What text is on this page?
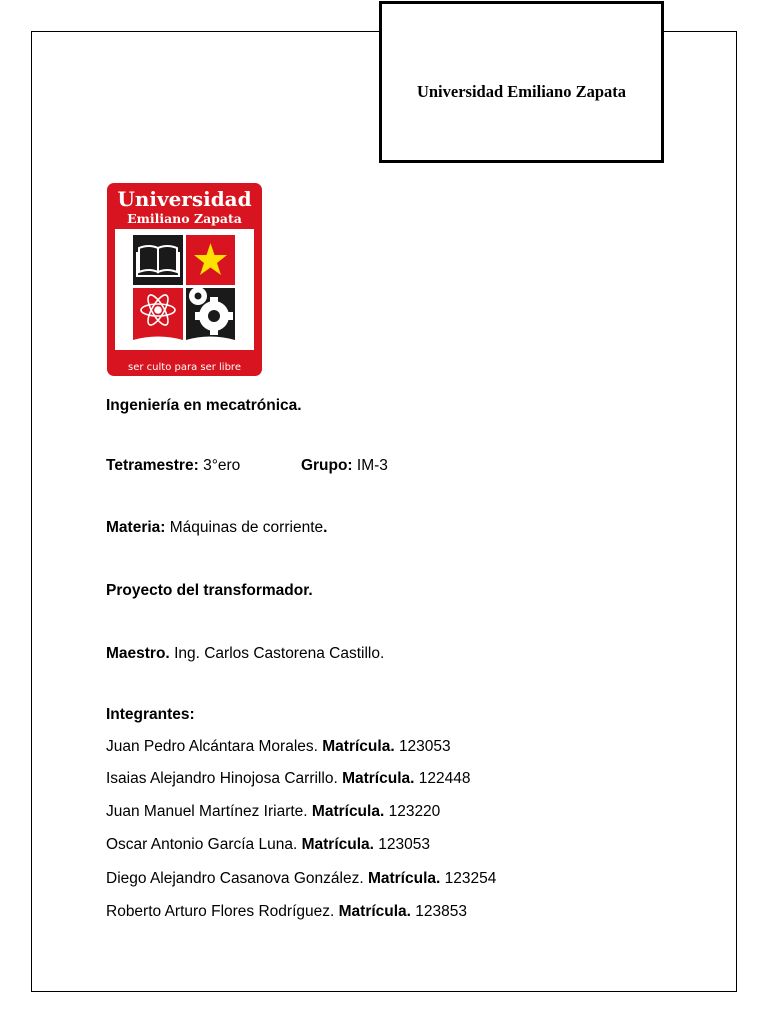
Universidad Emiliano Zapata
Universidad
Emiliano Zapata
ser culto para ser libre
Ingeniería en mecatrónica.
Tetramestre: 3°ero	Grupo: IM-3
Materia: Máquinas de corriente.
Proyecto del transformador.
Maestro. Ing. Carlos Castorena Castillo.
Integrantes:
Juan Pedro Alcántara Morales. Matrícula. 123053
Isaias Alejandro Hinojosa Carrillo. Matrícula. 122448
Juan Manuel Martínez Iriarte. Matrícula. 123220
Oscar Antonio García Luna. Matrícula. 123053
Diego Alejandro Casanova González. Matrícula. 123254
Roberto Arturo Flores Rodríguez. Matrícula. 123853
